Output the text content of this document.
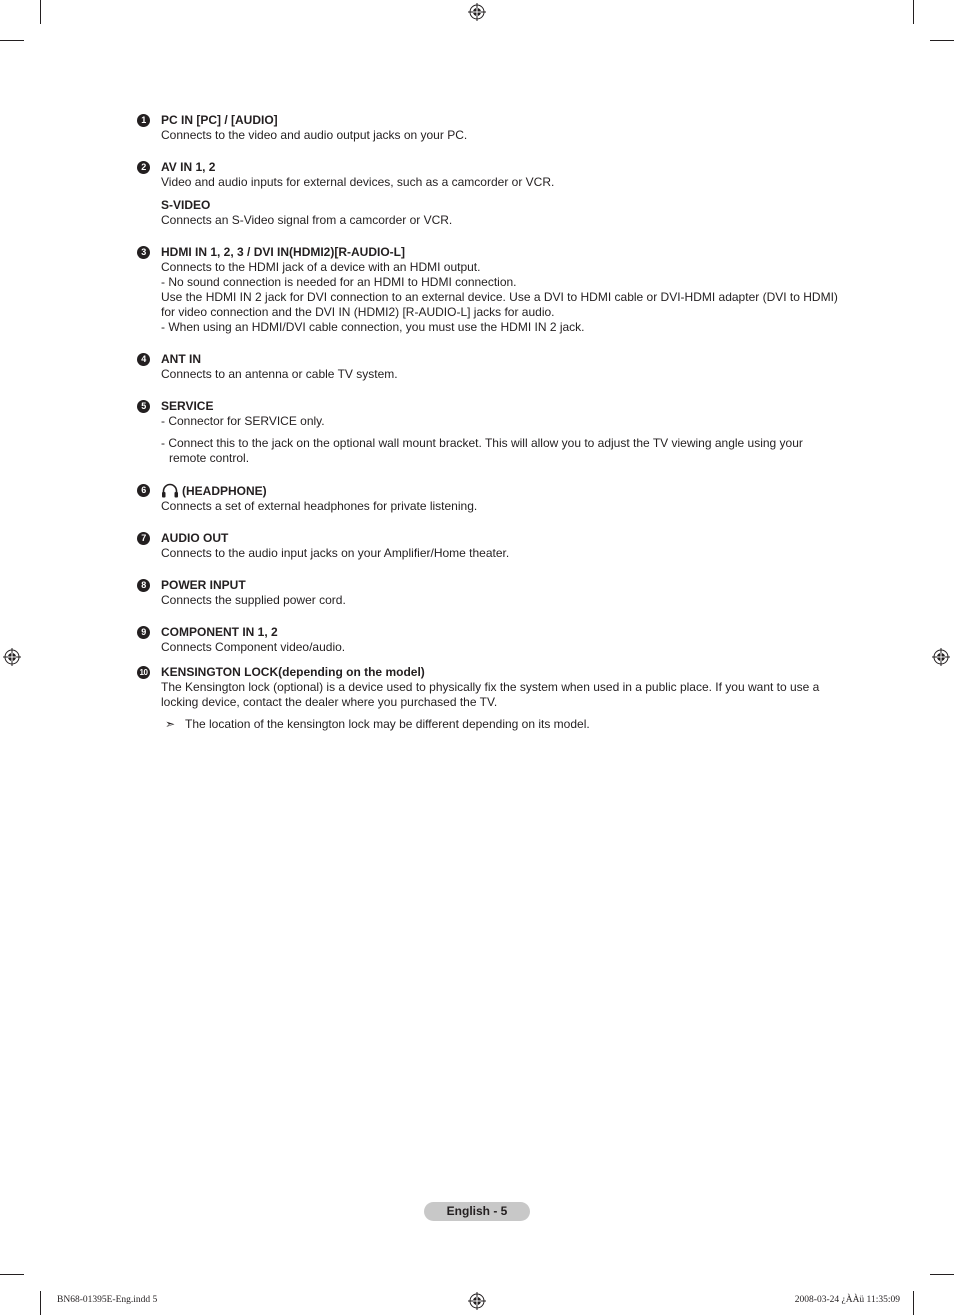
1	PC IN [PC] / [AUDIO]
Connects to the video and audio output jacks on your PC.
2	AV IN 1, 2
Video and audio inputs for external devices, such as a camcorder or VCR.
S-VIDEO
Connects an S-Video signal from a camcorder or VCR.
3	HDMI IN 1, 2, 3 / DVI IN(HDMI2)[R-AUDIO-L]
Connects to the HDMI jack of a device with an HDMI output.
- No sound connection is needed for an HDMI to HDMI connection.
Use the HDMI IN 2 jack for DVI connection to an external device. Use a DVI to HDMI cable or DVI-HDMI adapter (DVI to HDMI) for video connection and the DVI IN (HDMI2) [R-AUDIO-L] jacks for audio.
- When using an HDMI/DVI cable connection, you must use the HDMI IN 2 jack.
4	ANT IN
Connects to an antenna or cable TV system.
5	SERVICE
- Connector for SERVICE only.
- Connect this to the jack on the optional wall mount bracket. This will allow you to adjust the TV viewing angle using your remote control.
6	(HEADPHONE)
Connects a set of external headphones for private listening.
7	AUDIO OUT
Connects to the audio input jacks on your Amplifier/Home theater.
8	POWER INPUT
Connects the supplied power cord.
9	COMPONENT IN 1, 2
Connects Component video/audio.
10 KENSINGTON LOCK(depending on the model)
The Kensington lock (optional) is a device used to physically fix the system when used in a public place. If you want to use a locking device, contact the dealer where you purchased the TV.
➣ The location of the kensington lock may be different depending on its model.
English - 5
BN68-01395E-Eng.indd 5	2008-03-24 ¿ÀÀü 11:35:09
